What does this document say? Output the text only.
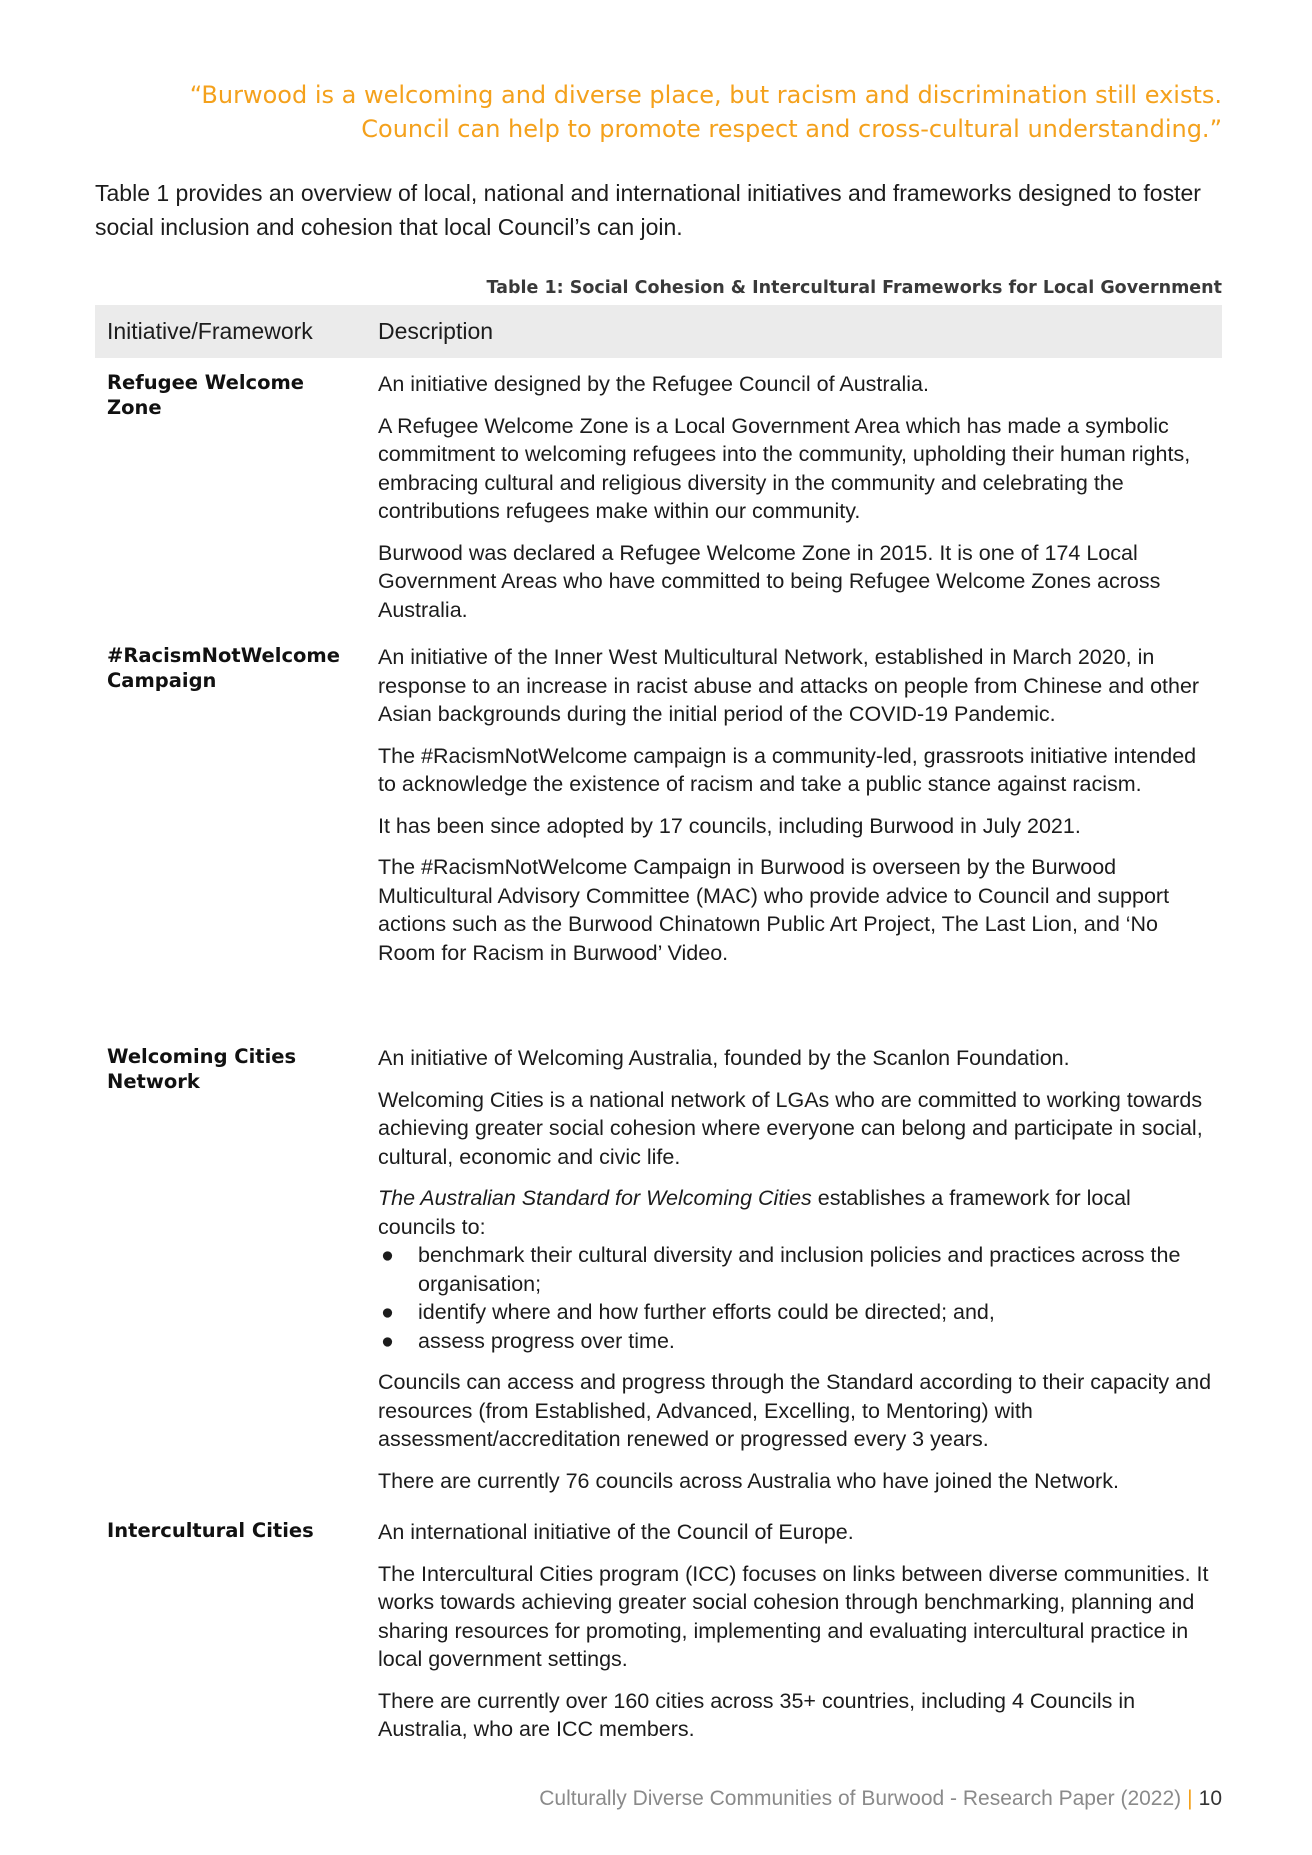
“Burwood is a welcoming and diverse place, but racism and discrimination still exists.
Council can help to promote respect and cross-cultural understanding.”
Table 1 provides an overview of local, national and international initiatives and frameworks designed to foster social inclusion and cohesion that local Council’s can join.
Table 1: Social Cohesion & Intercultural Frameworks for Local Government
Initiative/Framework	Description
Refugee Welcome Zone

An initiative designed by the Refugee Council of Australia.

A Refugee Welcome Zone is a Local Government Area which has made a symbolic commitment to welcoming refugees into the community, upholding their human rights, embracing cultural and religious diversity in the community and celebrating the contributions refugees make within our community.

Burwood was declared a Refugee Welcome Zone in 2015. It is one of 174 Local Government Areas who have committed to being Refugee Welcome Zones across Australia.

#RacismNotWelcome Campaign

An initiative of the Inner West Multicultural Network, established in March 2020, in response to an increase in racist abuse and attacks on people from Chinese and other Asian backgrounds during the initial period of the COVID-19 Pandemic.

The #RacismNotWelcome campaign is a community-led, grassroots initiative intended to acknowledge the existence of racism and take a public stance against racism.

It has been since adopted by 17 councils, including Burwood in July 2021.

The #RacismNotWelcome Campaign in Burwood is overseen by the Burwood Multicultural Advisory Committee (MAC) who provide advice to Council and support actions such as the Burwood Chinatown Public Art Project, The Last Lion, and ‘No Room for Racism in Burwood’ Video.

Welcoming Cities Network

An initiative of Welcoming Australia, founded by the Scanlon Foundation.

Welcoming Cities is a national network of LGAs who are committed to working towards achieving greater social cohesion where everyone can belong and participate in social, cultural, economic and civic life.

The Australian Standard for Welcoming Cities establishes a framework for local councils to:

● benchmark their cultural diversity and inclusion policies and practices across the organisation;
● identify where and how further efforts could be directed; and,
● assess progress over time.

Councils can access and progress through the Standard according to their capacity and resources (from Established, Advanced, Excelling, to Mentoring) with assessment/accreditation renewed or progressed every 3 years.

There are currently 76 councils across Australia who have joined the Network.

Intercultural Cities	An international initiative of the Council of Europe.

The Intercultural Cities program (ICC) focuses on links between diverse communities. It works towards achieving greater social cohesion through benchmarking, planning and sharing resources for promoting, implementing and evaluating intercultural practice in local government settings.

There are currently over 160 cities across 35+ countries, including 4 Councils in Australia, who are ICC members.

Culturally Diverse Communities of Burwood - Research Paper (2022) | 10
